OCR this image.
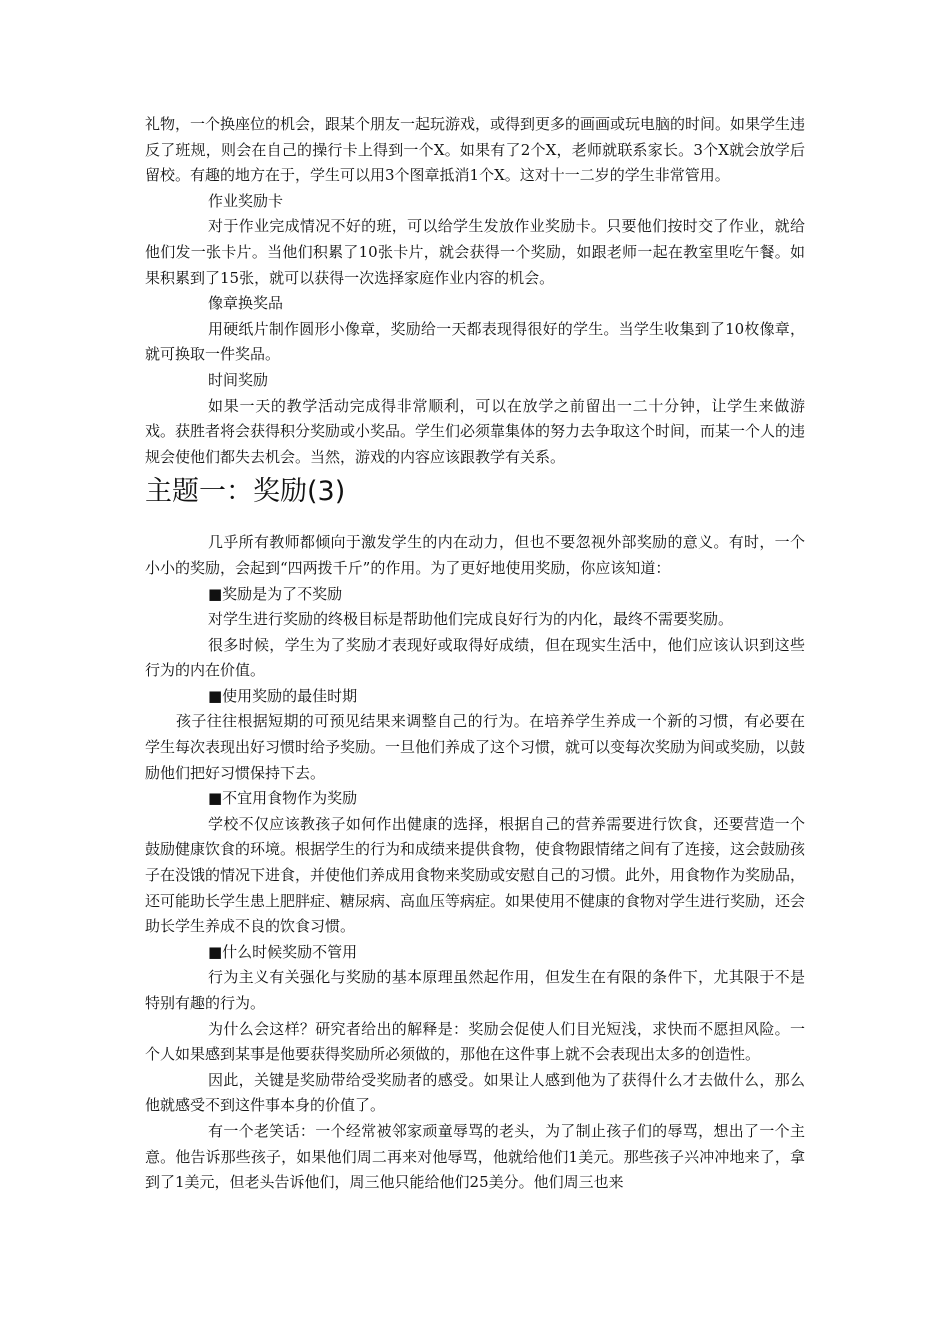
礼物，一个换座位的机会，跟某个朋友一起玩游戏，或得到更多的画画或玩电脑的时间。如果学生违反了班规，则会在自己的操行卡上得到一个X。如果有了2个X，老师就联系家长。3个X就会放学后留校。有趣的地方在于，学生可以用3个图章抵消1个X。这对十一二岁的学生非常管用。

作业奖励卡

对于作业完成情况不好的班，可以给学生发放作业奖励卡。只要他们按时交了作业，就给他们发一张卡片。当他们积累了10张卡片，就会获得一个奖励，如跟老师一起在教室里吃午餐。如果积累到了15张，就可以获得一次选择家庭作业内容的机会。

像章换奖品

用硬纸片制作圆形小像章，奖励给一天都表现得很好的学生。当学生收集到了10枚像章，就可换取一件奖品。

时间奖励

如果一天的教学活动完成得非常顺利，可以在放学之前留出一二十分钟，让学生来做游戏。获胜者将会获得积分奖励或小奖品。学生们必须靠集体的努力去争取这个时间，而某一个人的违规会使他们都失去机会。当然，游戏的内容应该跟教学有关系。

主题一：奖励(3)

几乎所有教师都倾向于激发学生的内在动力，但也不要忽视外部奖励的意义。有时，一个小小的奖励，会起到“四两拨千斤”的作用。为了更好地使用奖励，你应该知道：

■奖励是为了不奖励

对学生进行奖励的终极目标是帮助他们完成良好行为的内化，最终不需要奖励。

很多时候，学生为了奖励才表现好或取得好成绩，但在现实生活中，他们应该认识到这些行为的内在价值。

■使用奖励的最佳时期

孩子往往根据短期的可预见结果来调整自己的行为。在培养学生养成一个新的习惯，有必要在学生每次表现出好习惯时给予奖励。一旦他们养成了这个习惯，就可以变每次奖励为间或奖励，以鼓励他们把好习惯保持下去。

■不宜用食物作为奖励

学校不仅应该教孩子如何作出健康的选择，根据自己的营养需要进行饮食，还要营造一个鼓励健康饮食的环境。根据学生的行为和成绩来提供食物，使食物跟情绪之间有了连接，这会鼓励孩子在没饿的情况下进食，并使他们养成用食物来奖励或安慰自己的习惯。此外，用食物作为奖励品，还可能助长学生患上肥胖症、糖尿病、高血压等病症。如果使用不健康的食物对学生进行奖励，还会助长学生养成不良的饮食习惯。

■什么时候奖励不管用

行为主义有关强化与奖励的基本原理虽然起作用，但发生在有限的条件下，尤其限于不是特别有趣的行为。

为什么会这样？研究者给出的解释是：奖励会促使人们目光短浅，求快而不愿担风险。一个人如果感到某事是他要获得奖励所必须做的，那他在这件事上就不会表现出太多的创造性。

因此，关键是奖励带给受奖励者的感受。如果让人感到他为了获得什么才去做什么，那么他就感受不到这件事本身的价值了。

有一个老笑话：一个经常被邻家顽童辱骂的老头，为了制止孩子们的辱骂，想出了一个主意。他告诉那些孩子，如果他们周二再来对他辱骂，他就给他们1美元。那些孩子兴冲冲地来了，拿到了1美元，但老头告诉他们，周三他只能给他们25美分。他们周三也来
